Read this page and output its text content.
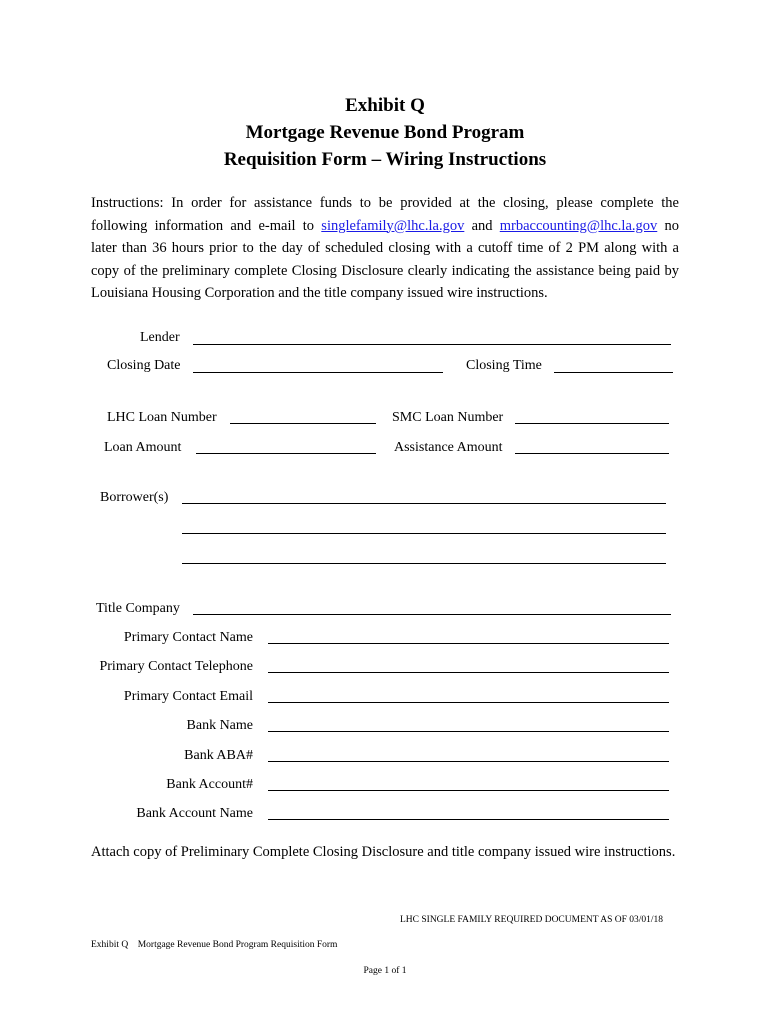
Exhibit Q
Mortgage Revenue Bond Program
Requisition Form – Wiring Instructions
Instructions: In order for assistance funds to be provided at the closing, please complete the following information and e-mail to singlefamily@lhc.la.gov and mrbaccounting@lhc.la.gov no later than 36 hours prior to the day of scheduled closing with a cutoff time of 2 PM along with a copy of the preliminary complete Closing Disclosure clearly indicating the assistance being paid by Louisiana Housing Corporation and the title company issued wire instructions.
Lender
Closing Date	Closing Time
LHC Loan Number	SMC Loan Number
Loan Amount	Assistance Amount
Borrower(s)
Title Company
Primary Contact Name
Primary Contact Telephone
Primary Contact Email
Bank Name
Bank ABA#
Bank Account#
Bank Account Name
Attach copy of Preliminary Complete Closing Disclosure and title company issued wire instructions.
LHC SINGLE FAMILY REQUIRED DOCUMENT AS OF 03/01/18
Exhibit Q    Mortgage Revenue Bond Program Requisition Form
Page 1 of 1
